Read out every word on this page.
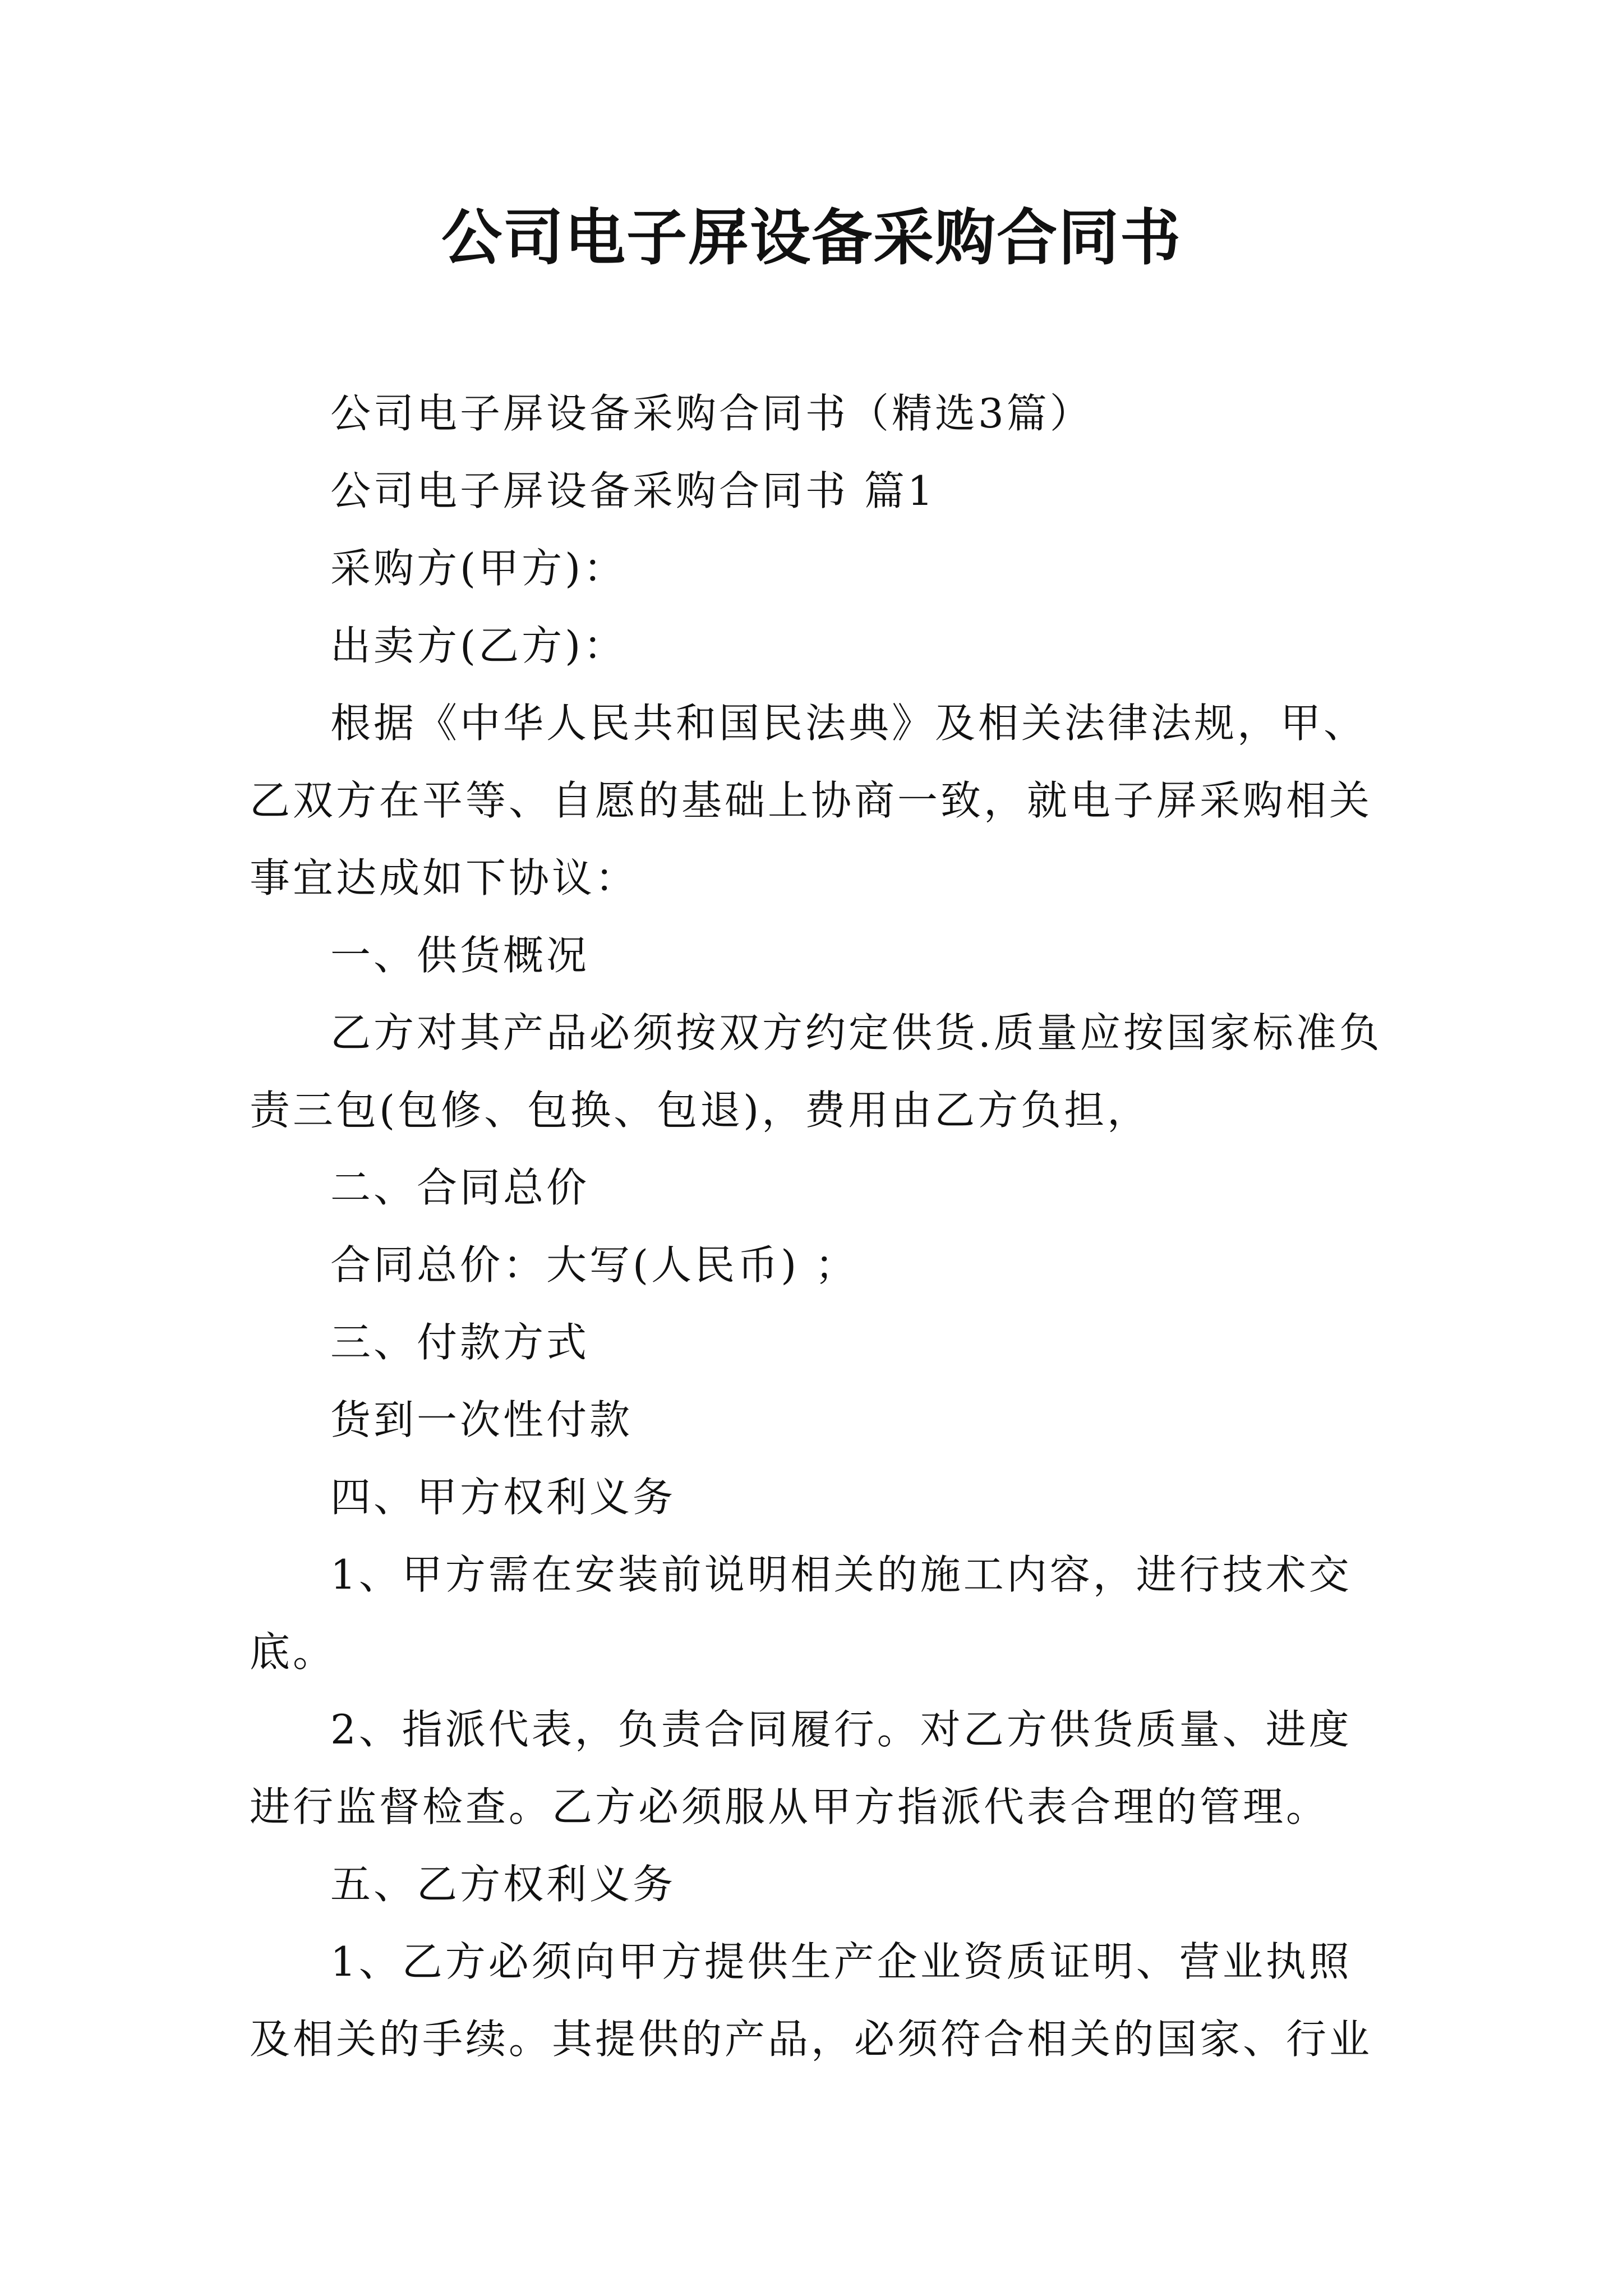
公司电子屏设备采购合同书

公司电子屏设备采购合同书（精选3篇）

公司电子屏设备采购合同书 篇1

采购方(甲方)：

出卖方(乙方)：

根据《中华人民共和国民法典》及相关法律法规，甲、乙双方在平等、自愿的基础上协商一致，就电子屏采购相关事宜达成如下协议：

一、供货概况

乙方对其产品必须按双方约定供货.质量应按国家标准负责三包(包修、包换、包退)，费用由乙方负担，

二、合同总价

合同总价：大写(人民币) ；

三、付款方式

货到一次性付款

四、甲方权利义务

1、甲方需在安装前说明相关的施工内容，进行技术交底。

2、指派代表，负责合同履行。对乙方供货质量、进度进行监督检查。乙方必须服从甲方指派代表合理的管理。

五、乙方权利义务

1、乙方必须向甲方提供生产企业资质证明、营业执照及相关的手续。其提供的产品，必须符合相关的国家、行业
